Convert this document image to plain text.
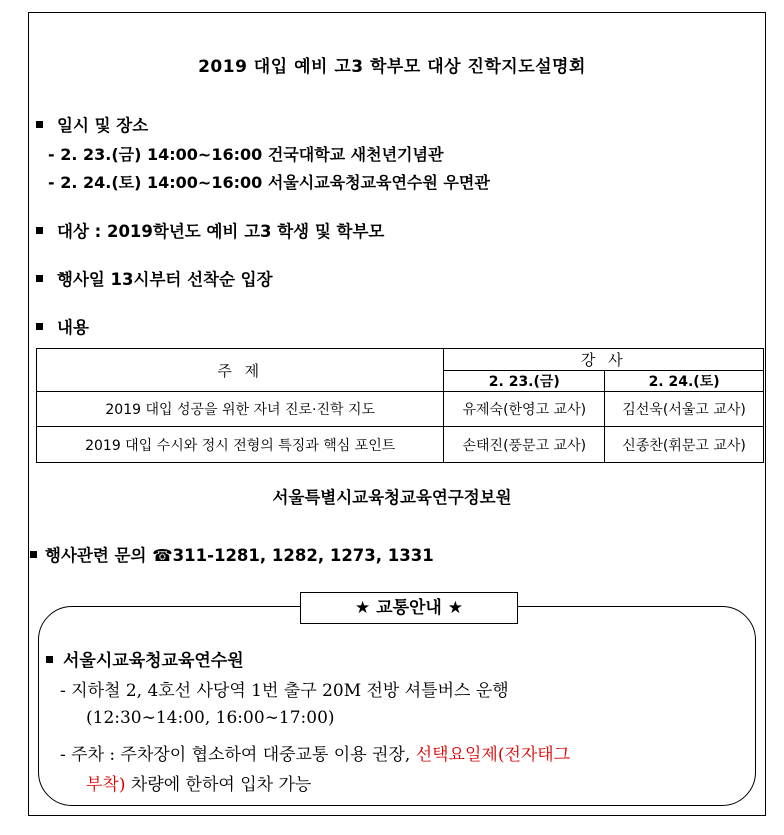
2019 대입 예비 고3 학부모 대상 진학지도설명회
일시 및 장소
- 2. 23.(금) 14:00~16:00 건국대학교 새천년기념관
- 2. 24.(토) 14:00~16:00 서울시교육청교육연수원 우면관
대상 : 2019학년도 예비 고3 학생 및 학부모
행사일 13시부터 선착순 입장
내용
주 제	강 사	
	2. 23.(금)	2. 24.(토)
2019 대입 성공을 위한 자녀 진로·진학 지도	유제숙(한영고 교사)	김선욱(서울고 교사)
2019 대입 수시와 정시 전형의 특징과 핵심 포인트	손태진(풍문고 교사)	신종찬(휘문고 교사)
서울특별시교육청교육연구정보원
행사관련 문의 ☎311-1281, 1282, 1273, 1331
★ 교통안내 ★
서울시교육청교육연수원
- 지하철 2, 4호선 사당역 1번 출구 20M 전방 셔틀버스 운행
(12:30∼14:00, 16:00∼17:00)
- 주차 : 주차장이 협소하여 대중교통 이용 권장, 선택요일제(전자태그
부착) 차량에 한하여 입차 가능
